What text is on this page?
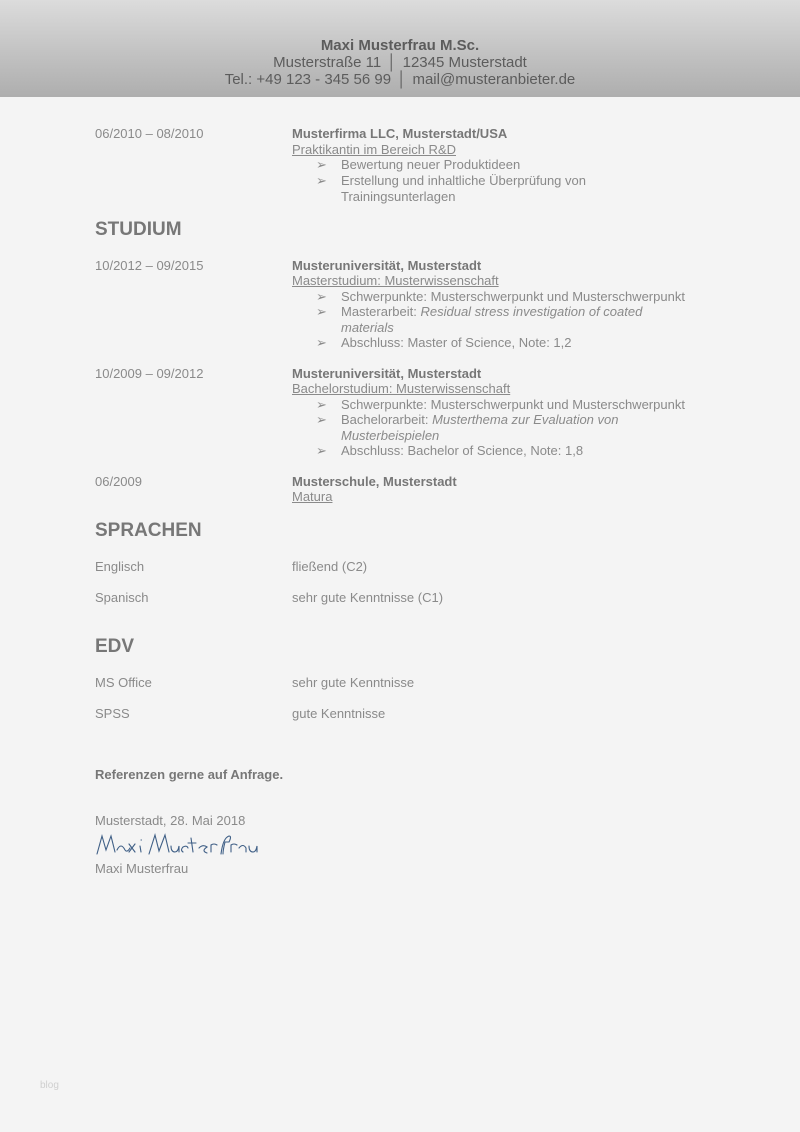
Maxi Musterfrau M.Sc.
Musterstraße 11 │ 12345 Musterstadt
Tel.: +49 123 - 345 56 99 │ mail@musteranbieter.de
06/2010 – 08/2010	Musterfirma LLC, Musterstadt/USA
Praktikantin im Bereich R&D
➢ Bewertung neuer Produktideen
➢ Erstellung und inhaltliche Überprüfung von
Trainingsunterlagen
STUDIUM
10/2012 – 09/2015	Musteruniversität, Musterstadt
Masterstudium: Musterwissenschaft
➢ Schwerpunkte: Musterschwerpunkt und Musterschwerpunkt
➢ Masterarbeit: Residual stress investigation of coated
materials
➢ Abschluss: Master of Science, Note: 1,2
10/2009 – 09/2012	Musteruniversität, Musterstadt
Bachelorstudium: Musterwissenschaft
➢ Schwerpunkte: Musterschwerpunkt und Musterschwerpunkt
➢ Bachelorarbeit: Musterthema zur Evaluation von
Musterbeispielen
➢ Abschluss: Bachelor of Science, Note: 1,8
06/2009	Musterschule, Musterstadt
Matura
SPRACHEN
Englisch	fließend (C2)
Spanisch	sehr gute Kenntnisse (C1)
EDV
MS Office	sehr gute Kenntnisse
SPSS	gute Kenntnisse
Referenzen gerne auf Anfrage.
Musterstadt, 28. Mai 2018
Maxi Musterfrau
blog
